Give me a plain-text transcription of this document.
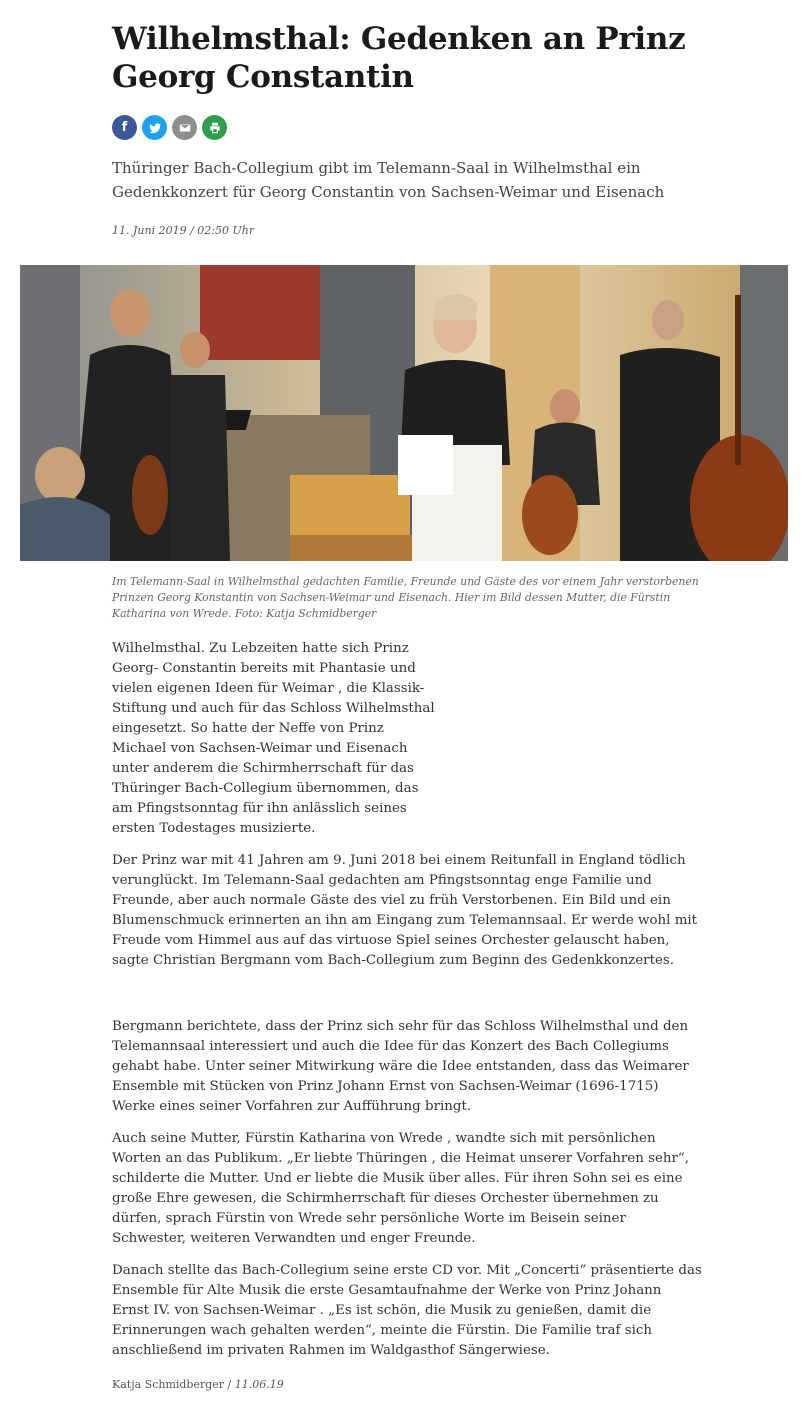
Wilhelmsthal: Gedenken an Prinz Georg Constantin
f

Thüringer Bach-Collegium gibt im Telemann-Saal in Wilhelmsthal ein Gedenkkonzert für Georg Constantin von Sachsen-Weimar und Eisenach

11. Juni 2019 / 02:50 Uhr

Im Telemann-Saal in Wilhelmsthal gedachten Familie, Freunde und Gäste des vor einem Jahr verstorbenen Prinzen Georg Konstantin von Sachsen-Weimar und Eisenach. Hier im Bild dessen Mutter, die Fürstin Katharina von Wrede. Foto: Katja Schmidberger

Wilhelmsthal. Zu Lebzeiten hatte sich Prinz Georg- Constantin bereits mit Phantasie und vielen eigenen Ideen für Weimar , die Klassik-Stiftung und auch für das Schloss Wilhelmsthal eingesetzt. So hatte der Neffe von Prinz Michael von Sachsen-Weimar und Eisenach unter anderem die Schirmherrschaft für das Thüringer Bach-Collegium übernommen, das am Pfingstsonntag für ihn anlässlich seines ersten Todestages musizierte.

Der Prinz war mit 41 Jahren am 9. Juni 2018 bei einem Reitunfall in England tödlich verunglückt. Im Telemann-Saal gedachten am Pfingstsonntag enge Familie und Freunde, aber auch normale Gäste des viel zu früh Verstorbenen. Ein Bild und ein Blumenschmuck erinnerten an ihn am Eingang zum Telemannsaal. Er werde wohl mit Freude vom Himmel aus auf das virtuose Spiel seines Orchester gelauscht haben, sagte Christian Bergmann vom Bach-Collegium zum Beginn des Gedenkkonzertes.

Bergmann berichtete, dass der Prinz sich sehr für das Schloss Wilhelmsthal und den Telemannsaal interessiert und auch die Idee für das Konzert des Bach Collegiums gehabt habe. Unter seiner Mitwirkung wäre die Idee entstanden, dass das Weimarer Ensemble mit Stücken von Prinz Johann Ernst von Sachsen-Weimar (1696-1715) Werke eines seiner Vorfahren zur Aufführung bringt.

Auch seine Mutter, Fürstin Katharina von Wrede , wandte sich mit persönlichen Worten an das Publikum. „Er liebte Thüringen , die Heimat unserer Vorfahren sehr“, schilderte die Mutter. Und er liebte die Musik über alles. Für ihren Sohn sei es eine große Ehre gewesen, die Schirmherrschaft für dieses Orchester übernehmen zu dürfen, sprach Fürstin von Wrede sehr persönliche Worte im Beisein seiner Schwester, weiteren Verwandten und enger Freunde.

Danach stellte das Bach-Collegium seine erste CD vor. Mit „Concerti“ präsentierte das Ensemble für Alte Musik die erste Gesamtaufnahme der Werke von Prinz Johann Ernst IV. von Sachsen-Weimar . „Es ist schön, die Musik zu genießen, damit die Erinnerungen wach gehalten werden“, meinte die Fürstin. Die Familie traf sich anschließend im privaten Rahmen im Waldgasthof Sängerwiese.

Katja Schmidberger / 11.06.19
